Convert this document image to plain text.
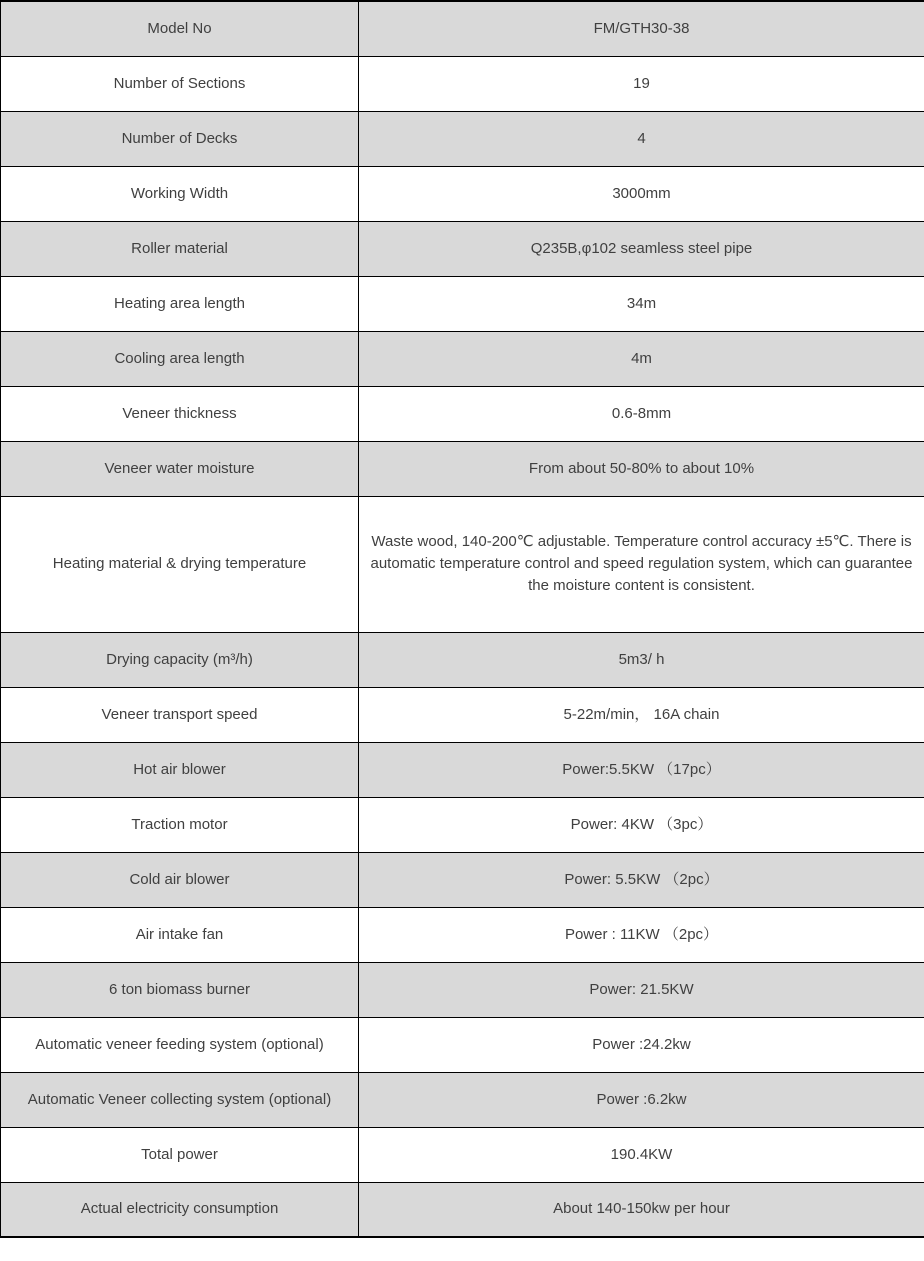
Model No	FM/GTH30-38
Number of Sections	19
Number of Decks	4
Working Width	3000mm
Roller material	Q235B,φ102 seamless steel pipe
Heating area length	34m
Cooling area length	4m
Veneer thickness	0.6-8mm
Veneer water moisture	From about 50-80% to about 10%
Heating material & drying temperature	Waste wood, 140-200℃ adjustable. Temperature control accuracy ±5℃. There is automatic temperature control and speed regulation system, which can guarantee the moisture content is consistent.
Drying capacity (m³/h)	5m3/ h
Veneer transport speed	5-22m/min， 16A chain
Hot air blower	Power:5.5KW （17pc）
Traction motor	Power: 4KW （3pc）
Cold air blower	Power: 5.5KW （2pc）
Air intake fan	Power : 11KW （2pc）
6 ton biomass burner	Power: 21.5KW
Automatic veneer feeding system (optional)	Power :24.2kw
Automatic Veneer collecting system (optional)	Power :6.2kw
Total power	190.4KW
Actual electricity consumption	About 140-150kw per hour
